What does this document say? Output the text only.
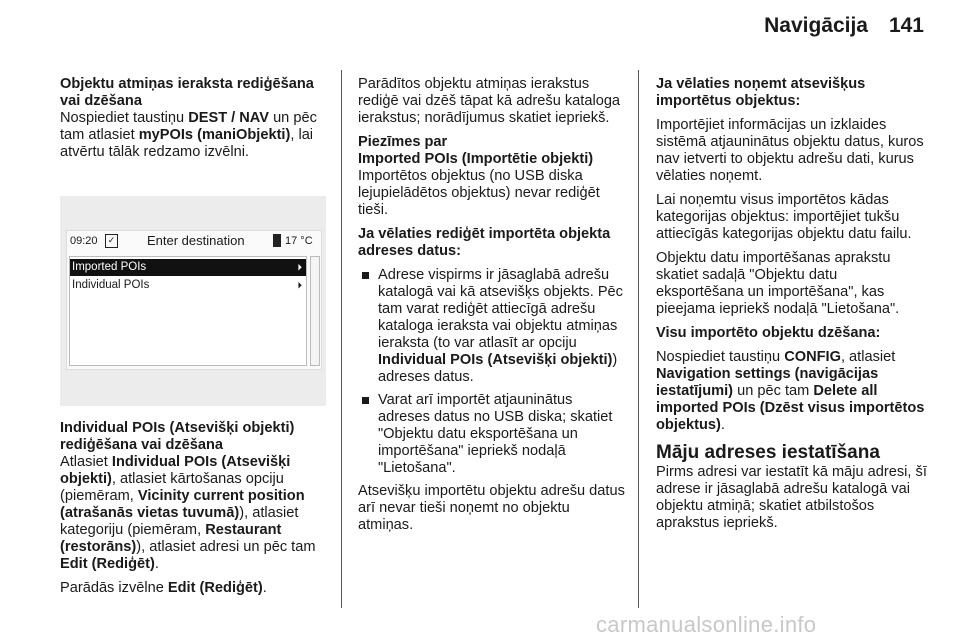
Navigācija 141

Objektu atmiņas ieraksta rediģēšana vai dzēšana

Nospiediet taustiņu DEST / NAV un pēc tam atlasiet myPOIs (maniObjekti), lai atvērtu tālāk redzamo izvēlni.

09:20	✓ Enter destination	17 °C
Imported POIs	⏵
Individual POIs	⏵

Individual POIs (Atsevišķi objekti) rediģēšana vai dzēšana

Atlasiet Individual POIs (Atsevišķi objekti), atlasiet kārtošanas opciju (piemēram, Vicinity current position (atrašanās vietas tuvumā)), atlasiet kategoriju (piemēram, Restaurant (restorāns)), atlasiet adresi un pēc tam Edit (Rediģēt).

Parādās izvēlne Edit (Rediģēt).

Parādītos objektu atmiņas ierakstus rediģē vai dzēš tāpat kā adrešu kataloga ierakstus; norādījumus skatiet iepriekš.

Piezīmes par

Imported POIs (Importētie objekti)

Importētos objektus (no USB diska lejupielādētos objektus) nevar rediģēt tieši.

Ja vēlaties rediģēt importēta objekta adreses datus:

Adrese vispirms ir jāsaglabā adrešu katalogā vai kā atsevišķs objekts. Pēc tam varat rediģēt attiecīgā adrešu kataloga ieraksta vai objektu atmiņas ieraksta (to var atlasīt ar opciju Individual POIs (Atsevišķi objekti)) adreses datus.
Varat arī importēt atjauninātus adreses datus no USB diska; skatiet "Objektu datu eksportēšana un importēšana" iepriekš nodaļā "Lietošana".

Atsevišķu importētu objektu adrešu datus arī nevar tieši noņemt no objektu atmiņas.

Ja vēlaties noņemt atsevišķus importētus objektus:

Importējiet informācijas un izklaides sistēmā atjauninātus objektu datus, kuros nav ietverti to objektu adrešu dati, kurus vēlaties noņemt.

Lai noņemtu visus importētos kādas kategorijas objektus: importējiet tukšu attiecīgās kategorijas objektu datu failu.

Objektu datu importēšanas aprakstu skatiet sadaļā "Objektu datu eksportēšana un importēšana", kas pieejama iepriekš nodaļā "Lietošana".

Visu importēto objektu dzēšana:

Nospiediet taustiņu CONFIG, atlasiet Navigation settings (navigācijas iestatījumi) un pēc tam Delete all imported POIs (Dzēst visus importētos objektus).

Māju adreses iestatīšana

Pirms adresi var iestatīt kā māju adresi, šī adrese ir jāsaglabā adrešu katalogā vai objektu atmiņā; skatiet atbilstošos aprakstus iepriekš.

carmanualsonline.info
